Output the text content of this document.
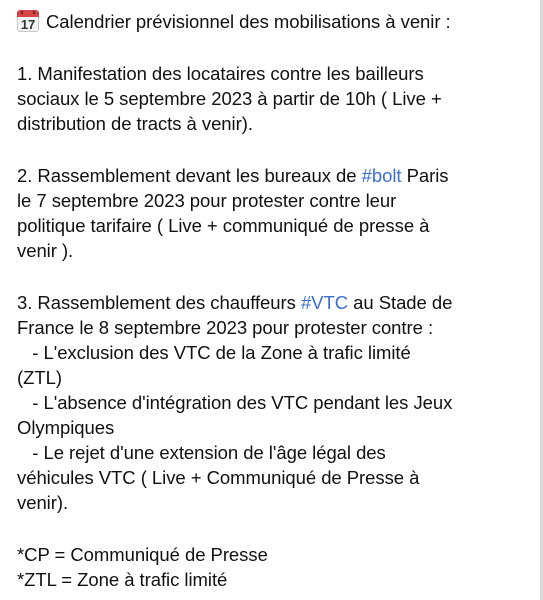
17 Calendrier prévisionnel des mobilisations à venir :
1. Manifestation des locataires contre les bailleurs
sociaux le 5 septembre 2023 à partir de 10h ( Live +
distribution de tracts à venir).
2. Rassemblement devant les bureaux de #bolt Paris
le 7 septembre 2023 pour protester contre leur
politique tarifaire ( Live + communiqué de presse à
venir ).
3. Rassemblement des chauffeurs #VTC au Stade de
France le 8 septembre 2023 pour protester contre :
- L'exclusion des VTC de la Zone à trafic limité
(ZTL)
- L'absence d'intégration des VTC pendant les Jeux
Olympiques
- Le rejet d'une extension de l'âge légal des
véhicules VTC ( Live + Communiqué de Presse à
venir).
*CP = Communiqué de Presse
*ZTL = Zone à trafic limité
